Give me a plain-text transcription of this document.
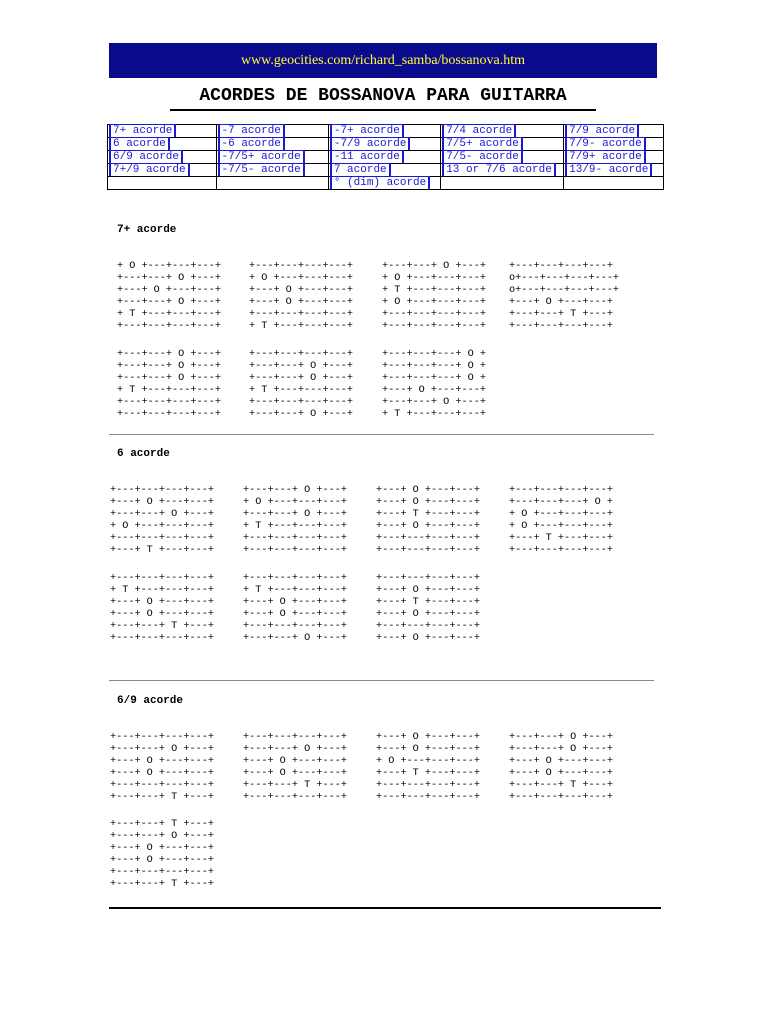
www.geocities.com/richard_samba/bossanova.htm
ACORDES DE BOSSANOVA PARA GUITARRA
7+ acorde	-7 acorde	-7+ acorde	7/4 acorde	7/9 acorde
6 acorde	-6 acorde	-7/9 acorde	7/5+ acorde	7/9- acorde
6/9 acorde	-7/5+ acorde	-11 acorde	7/5- acorde	7/9+ acorde
7+/9 acorde	-7/5- acorde	7 acorde	13 or 7/6 acorde	13/9- acorde
		° (dim) acorde		
7+ acorde
+ O +---+---+---+
+---+---+ O +---+
+---+ O +---+---+
+---+---+ O +---+
+ T +---+---+---+
+---+---+---+---+
+---+---+---+---+
+ O +---+---+---+
+---+ O +---+---+
+---+ O +---+---+
+---+---+---+---+
+ T +---+---+---+
+---+---+ O +---+
+ O +---+---+---+
+ T +---+---+---+
+ O +---+---+---+
+---+---+---+---+
+---+---+---+---+
+---+---+---+---+
o+---+---+---+---+
o+---+---+---+---+
+---+ O +---+---+
+---+---+ T +---+
+---+---+---+---+
+---+---+ O +---+
+---+---+ O +---+
+---+---+ O +---+
+ T +---+---+---+
+---+---+---+---+
+---+---+---+---+
+---+---+---+---+
+---+---+ O +---+
+---+---+ O +---+
+ T +---+---+---+
+---+---+---+---+
+---+---+ O +---+
+---+---+---+ O +
+---+---+---+ O +
+---+---+---+ O +
+---+ O +---+---+
+---+---+ O +---+
+ T +---+---+---+
6 acorde
+---+---+---+---+
+---+ O +---+---+
+---+---+ O +---+
+ O +---+---+---+
+---+---+---+---+
+---+ T +---+---+
+---+---+ O +---+
+ O +---+---+---+
+---+---+ O +---+
+ T +---+---+---+
+---+---+---+---+
+---+---+---+---+
+---+ O +---+---+
+---+ O +---+---+
+---+ T +---+---+
+---+ O +---+---+
+---+---+---+---+
+---+---+---+---+
+---+---+---+---+
+---+---+---+ O +
+ O +---+---+---+
+ O +---+---+---+
+---+ T +---+---+
+---+---+---+---+
+---+---+---+---+
+ T +---+---+---+
+---+ O +---+---+
+---+ O +---+---+
+---+---+ T +---+
+---+---+---+---+
+---+---+---+---+
+ T +---+---+---+
+---+ O +---+---+
+---+ O +---+---+
+---+---+---+---+
+---+---+ O +---+
+---+---+---+---+
+---+ O +---+---+
+---+ T +---+---+
+---+ O +---+---+
+---+---+---+---+
+---+ O +---+---+
6/9 acorde
+---+---+---+---+
+---+---+ O +---+
+---+ O +---+---+
+---+ O +---+---+
+---+---+---+---+
+---+---+ T +---+
+---+---+---+---+
+---+---+ O +---+
+---+ O +---+---+
+---+ O +---+---+
+---+---+ T +---+
+---+---+---+---+
+---+ O +---+---+
+---+ O +---+---+
+ O +---+---+---+
+---+ T +---+---+
+---+---+---+---+
+---+---+---+---+
+---+---+ O +---+
+---+---+ O +---+
+---+ O +---+---+
+---+ O +---+---+
+---+---+ T +---+
+---+---+---+---+
+---+---+ T +---+
+---+---+ O +---+
+---+ O +---+---+
+---+ O +---+---+
+---+---+---+---+
+---+---+ T +---+
